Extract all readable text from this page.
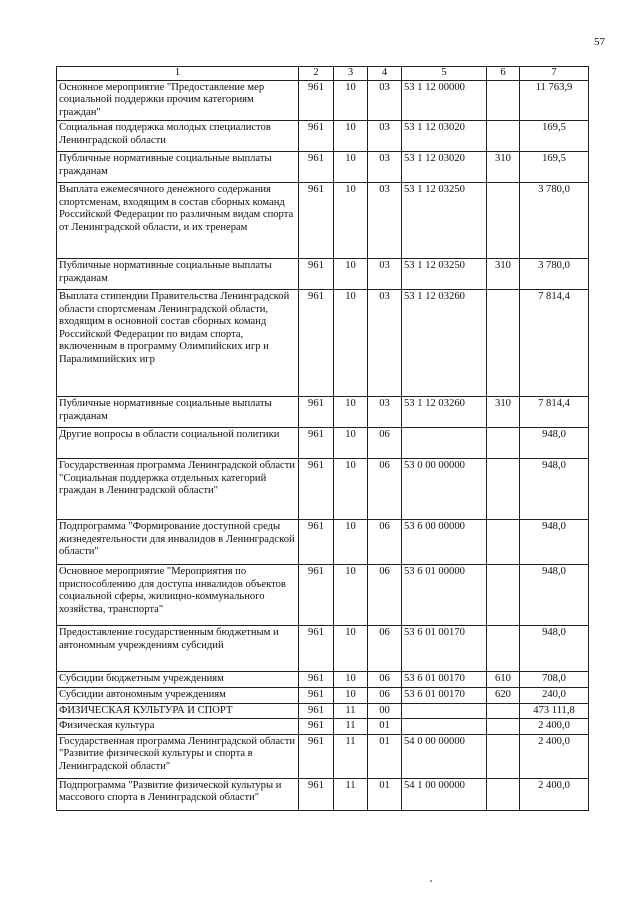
57
1	2	3	4	5	6	7
Основное мероприятие "Предоставление мер социальной поддержки прочим категориям граждан"	961	10	03	53 1 12 00000		11 763,9
Социальная поддержка молодых специалистов Ленинградской области	961	10	03	53 1 12 03020		169,5
Публичные нормативные социальные выплаты гражданам	961	10	03	53 1 12 03020	310	169,5
Выплата ежемесячного денежного содержания спортсменам, входящим в состав сборных команд Российской Федерации по различным видам спорта от Ленинградской области, и их тренерам	961	10	03	53 1 12 03250		3 780,0
Публичные нормативные социальные выплаты гражданам	961	10	03	53 1 12 03250	310	3 780,0
Выплата стипендии Правительства Ленинградской области спортсменам Ленинградской области, входящим в основной состав сборных команд Российской Федерации по видам спорта, включенным в программу Олимпийских игр и Паралимпийских игр	961	10	03	53 1 12 03260		7 814,4
Публичные нормативные социальные выплаты гражданам	961	10	03	53 1 12 03260	310	7 814,4
Другие вопросы в области социальной политики	961	10	06			948,0
Государственная программа Ленинградской области "Социальная поддержка отдельных категорий граждан в Ленинградской области"	961	10	06	53 0 00 00000		948,0
Подпрограмма "Формирование доступной среды жизнедеятельности для инвалидов в Ленинградской области"	961	10	06	53 6 00 00000		948,0
Основное мероприятие "Мероприятия по приспособлению для доступа инвалидов объектов социальной сферы, жилищно-коммунального хозяйства, транспорта"	961	10	06	53 6 01 00000		948,0
Предоставление государственным бюджетным и автономным учреждениям субсидий	961	10	06	53 6 01 00170		948,0
Субсидии бюджетным учреждениям	961	10	06	53 6 01 00170	610	708,0
Субсидии автономным учреждениям	961	10	06	53 6 01 00170	620	240,0
ФИЗИЧЕСКАЯ КУЛЬТУРА И СПОРТ	961	11	00			473 111,8
Физическая культура	961	11	01			2 400,0
Государственная программа Ленинградской области "Развитие физической культуры и спорта в Ленинградской области"	961	11	01	54 0 00 00000		2 400,0
Подпрограмма "Развитие физической культуры и массового спорта в Ленинградской области"	961	11	01	54 1 00 00000		2 400,0
